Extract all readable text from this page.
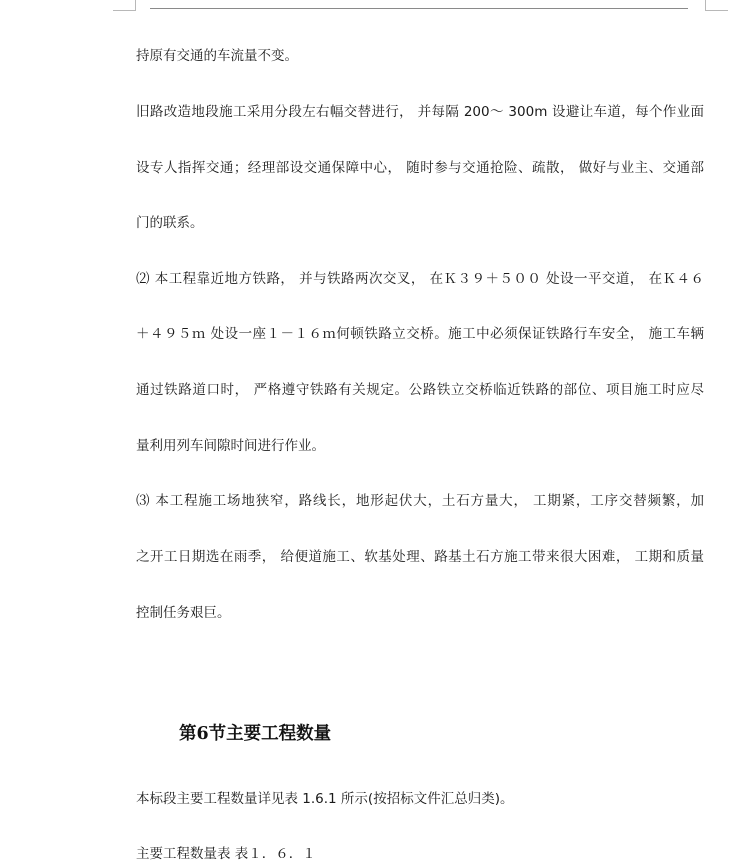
持原有交通的车流量不变。
旧路改造地段施工采用分段左右幅交替进行， 并每隔 200～ 300m 设避让车道，每个作业面
设专人指挥交通；经理部设交通保障中心， 随时参与交通抢险、疏散， 做好与业主、交通部
门的联系。
⑵ 本工程靠近地方铁路， 并与铁路两次交叉， 在Ｋ３９＋５００ 处设一平交道， 在Ｋ４６
＋４９５ｍ 处设一座１－１６ｍ何顿铁路立交桥。施工中必须保证铁路行车安全， 施工车辆
通过铁路道口时， 严格遵守铁路有关规定。公路铁立交桥临近铁路的部位、项目施工时应尽
量利用列车间隙时间进行作业。
⑶ 本工程施工场地狭窄，路线长，地形起伏大，土石方量大， 工期紧，工序交替频繁，加
之开工日期选在雨季， 给便道施工、软基处理、路基土石方施工带来很大困难， 工期和质量
控制任务艰巨。
第6节主要工程数量
本标段主要工程数量详见表 1.6.1 所示(按招标文件汇总归类)。
主要工程数量表 表１．６．１
